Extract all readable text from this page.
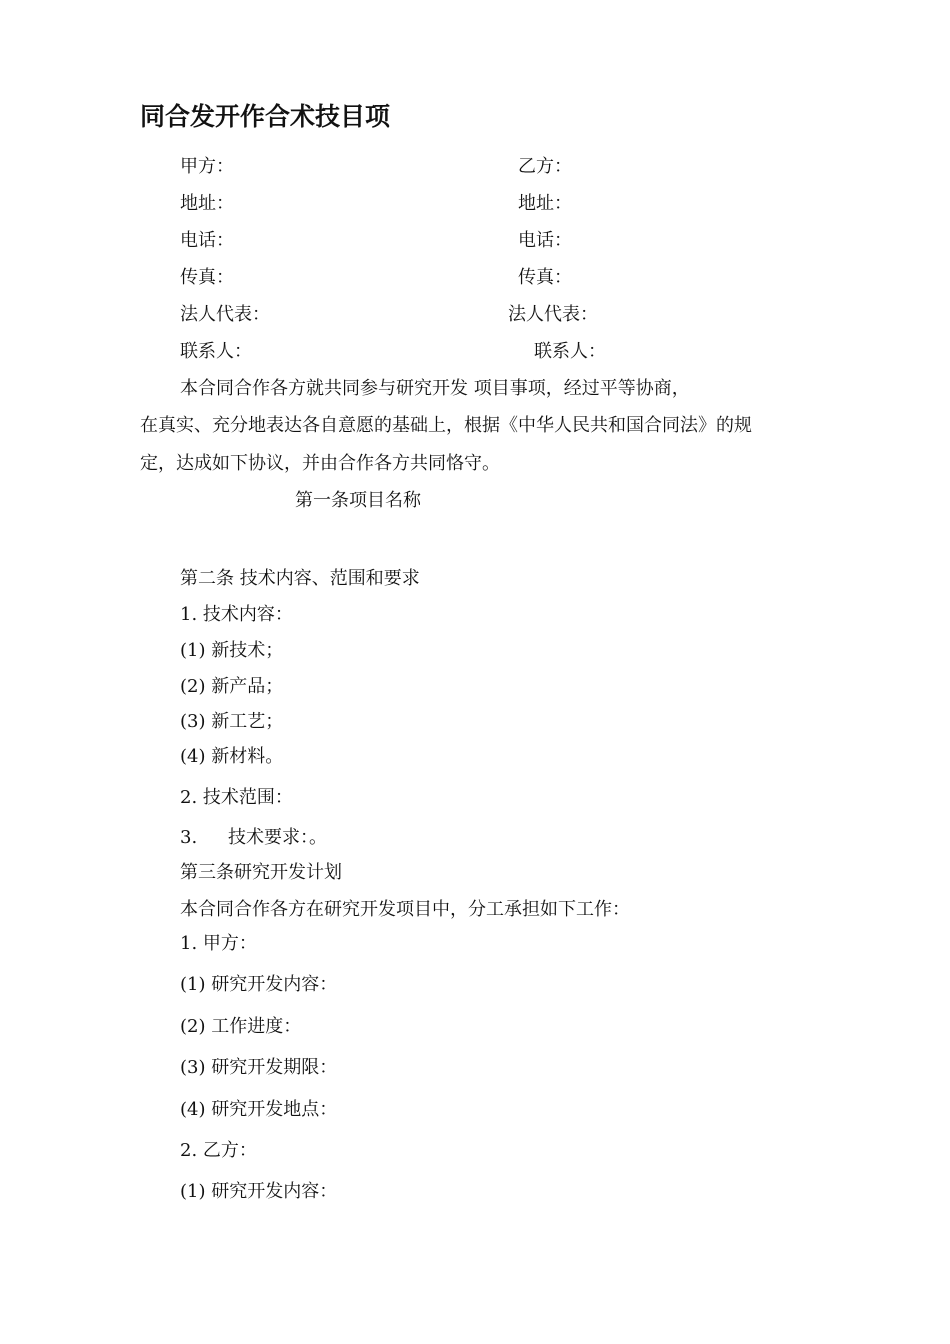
同合发开作合术技目项
甲方：	乙方：
地址：	地址：
电话：	电话：
传真：	传真：
法人代表：	法人代表：
联系人：	联系人：
本合同合作各方就共同参与研究开发 项目事项，经过平等协商，
在真实、充分地表达各自意愿的基础上，根据《中华人民共和国合同法》的规
定，达成如下协议，并由合作各方共同恪守。
第一条项目名称
第二条 技术内容、范围和要求
1. 技术内容：
(1) 新技术；
(2) 新产品；
(3) 新工艺；
(4) 新材料。
2. 技术范围：
3. 技术要求：。
第三条研究开发计划
本合同合作各方在研究开发项目中，分工承担如下工作：
1. 甲方：
(1) 研究开发内容：
(2) 工作进度：
(3) 研究开发期限：
(4) 研究开发地点：
2. 乙方：
(1) 研究开发内容：
